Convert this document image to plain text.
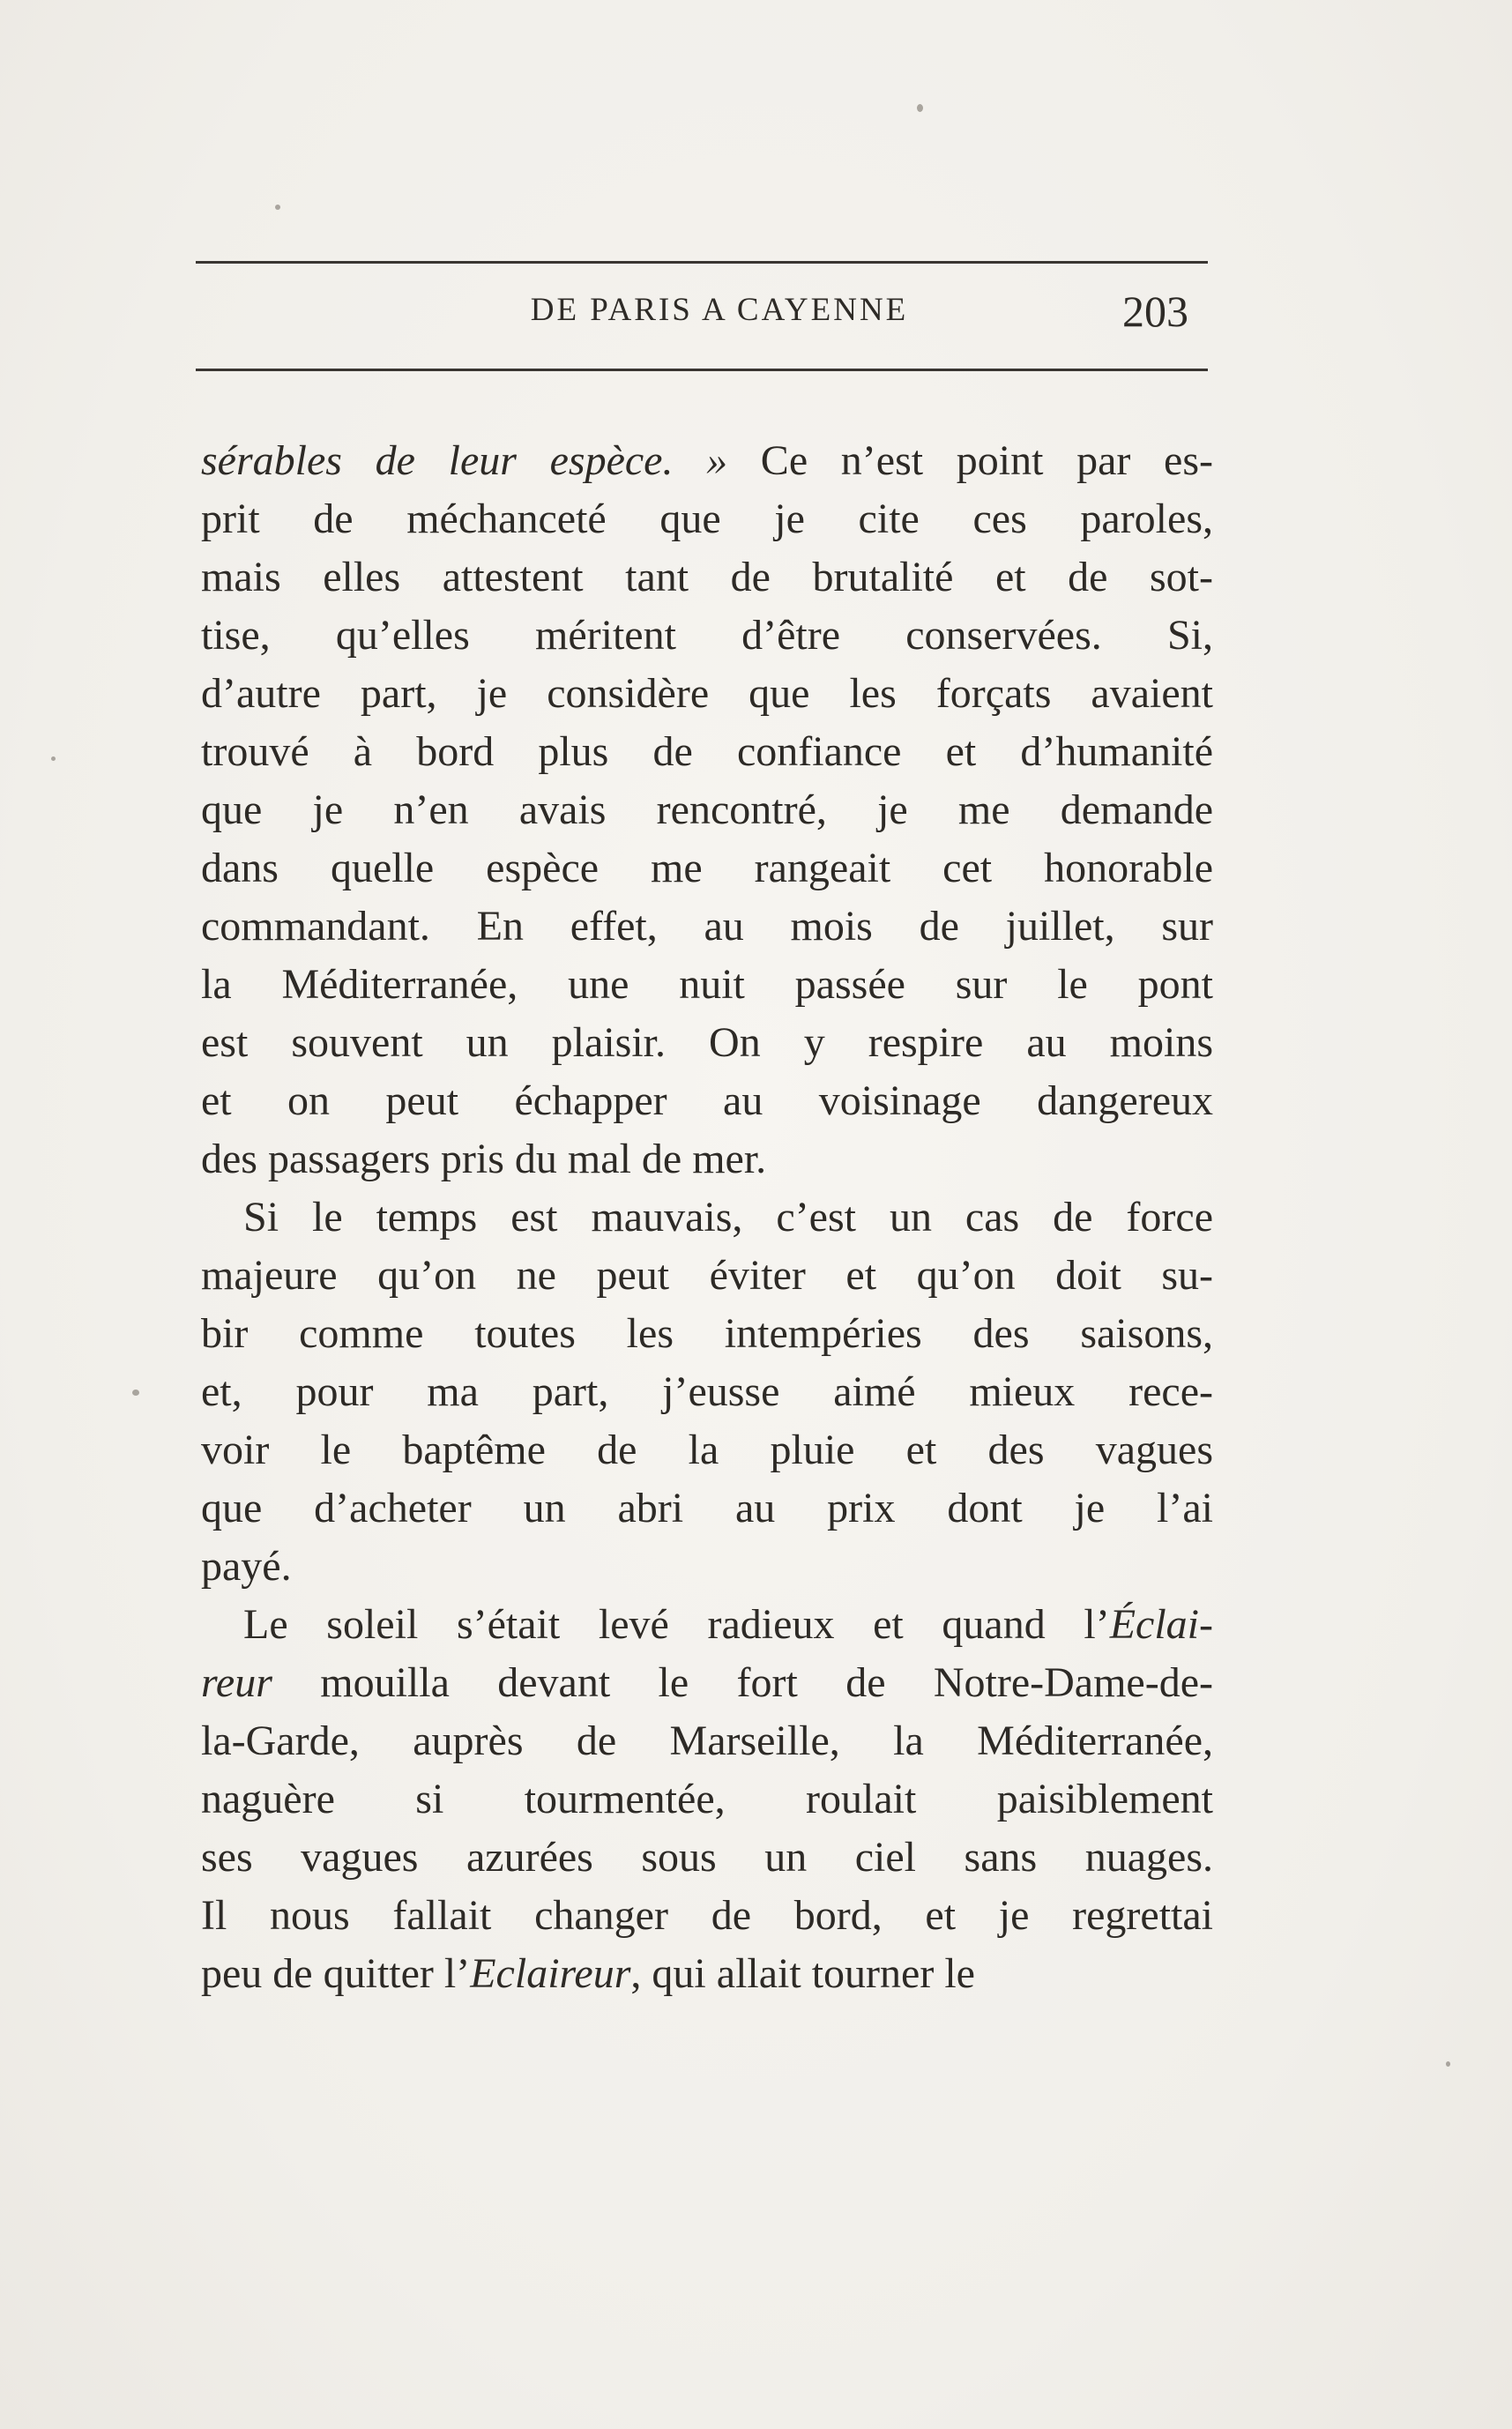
DE PARIS A CAYENNE	203
sérables de leur espèce. » Ce n’est point par es-
prit de méchanceté que je cite ces paroles,
mais elles attestent tant de brutalité et de sot-
tise, qu’elles méritent d’être conservées. Si,
d’autre part, je considère que les forçats avaient
trouvé à bord plus de confiance et d’humanité
que je n’en avais rencontré, je me demande
dans quelle espèce me rangeait cet honorable
commandant. En effet, au mois de juillet, sur
la Méditerranée, une nuit passée sur le pont
est souvent un plaisir. On y respire au moins
et on peut échapper au voisinage dangereux
des passagers pris du mal de mer.
Si le temps est mauvais, c’est un cas de force
majeure qu’on ne peut éviter et qu’on doit su-
bir comme toutes les intempéries des saisons,
et, pour ma part, j’eusse aimé mieux rece-
voir le baptême de la pluie et des vagues
que d’acheter un abri au prix dont je l’ai
payé.
Le soleil s’était levé radieux et quand l’Éclai-
reur mouilla devant le fort de Notre-Dame-de-
la-Garde, auprès de Marseille, la Méditerranée,
naguère si tourmentée, roulait paisiblement
ses vagues azurées sous un ciel sans nuages.
Il nous fallait changer de bord, et je regrettai
peu de quitter l’Eclaireur, qui allait tourner le
